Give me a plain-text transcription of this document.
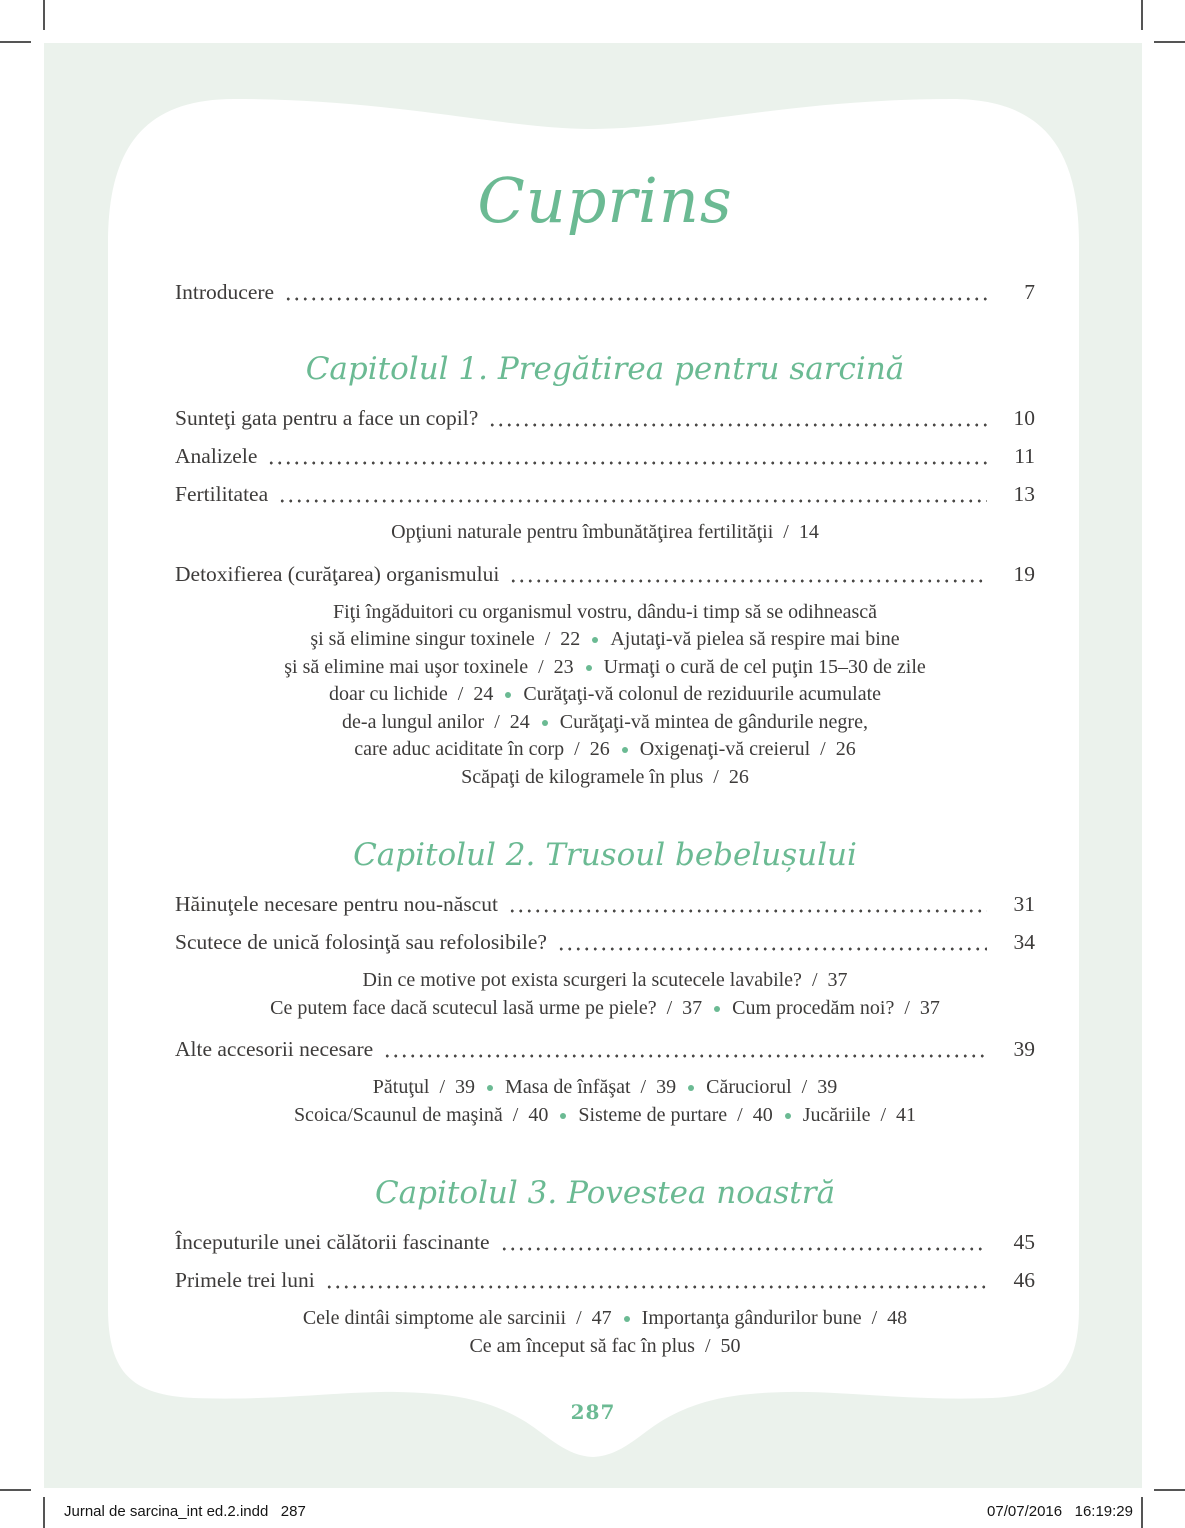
Cuprins
Introducere	7
Capitolul 1. Pregătirea pentru sarcină
Sunteţi gata pentru a face un copil?	10
Analizele	11
Fertilitatea	13
Opţiuni naturale pentru îmbunătăţirea fertilităţii  /  14
Detoxifierea (curăţarea) organismului	19
Fiţi îngăduitori cu organismul vostru, dându-i timp să se odihnească
şi să elimine singur toxinele  /  22 Ajutaţi-vă pielea să respire mai bine
şi să elimine mai uşor toxinele  /  23 Urmaţi o cură de cel puţin 15–30 de zile
doar cu lichide  /  24 Curăţaţi-vă colonul de reziduurile acumulate
de-a lungul anilor  /  24 Curăţaţi-vă mintea de gândurile negre,
care aduc aciditate în corp  /  26 Oxigenaţi-vă creierul  /  26
Scăpaţi de kilogramele în plus  /  26
Capitolul 2. Trusoul bebelușului
Hăinuţele necesare pentru nou-născut	31
Scutece de unică folosinţă sau refolosibile?	34
Din ce motive pot exista scurgeri la scutecele lavabile?  /  37
Ce putem face dacă scutecul lasă urme pe piele?  /  37 Cum procedăm noi?  /  37
Alte accesorii necesare	39
Pătuţul  /  39 Masa de înfăşat  /  39 Căruciorul  /  39
Scoica/Scaunul de maşină  /  40 Sisteme de purtare  /  40 Jucăriile  /  41
Capitolul 3. Povestea noastră
Începuturile unei călătorii fascinante	45
Primele trei luni	46
Cele dintâi simptome ale sarcinii  /  47 Importanţa gândurilor bune  /  48
Ce am început să fac în plus  /  50
287
Jurnal de sarcina_int ed.2.indd   287	07/07/2016   16:19:29
